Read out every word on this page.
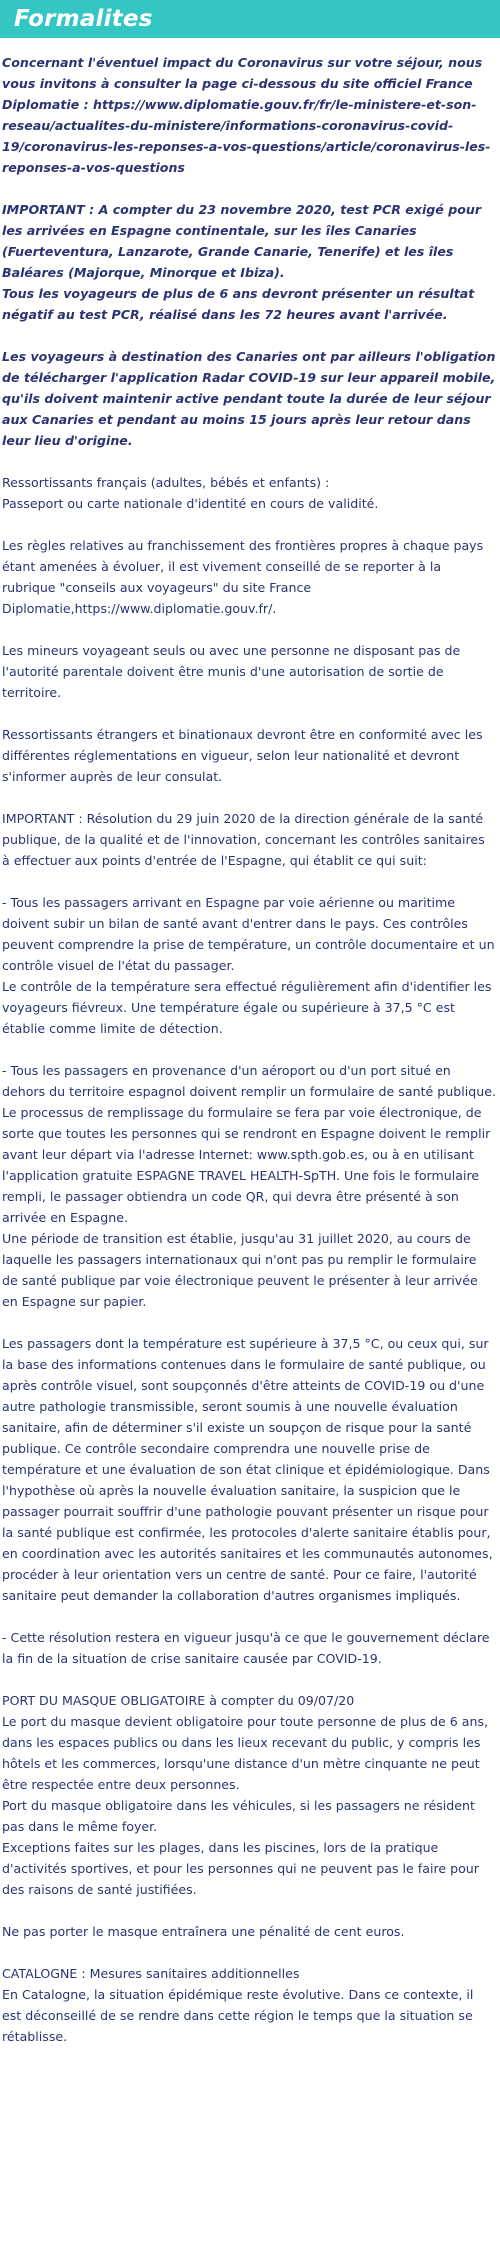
Formalites

Concernant l'éventuel impact du Coronavirus sur votre séjour, nous vous invitons à consulter la page ci-dessous du site officiel France Diplomatie : https://www.diplomatie.gouv.fr/fr/le-ministere-et-son-reseau/actualites-du-ministere/informations-coronavirus-covid-19/coronavirus-les-reponses-a-vos-questions/article/coronavirus-les-reponses-a-vos-questions

IMPORTANT : A compter du 23 novembre 2020, test PCR exigé pour les arrivées en Espagne continentale, sur les îles Canaries (Fuerteventura, Lanzarote, Grande Canarie, Tenerife) et les îles Baléares (Majorque, Minorque et Ibiza).
Tous les voyageurs de plus de 6 ans devront présenter un résultat négatif au test PCR, réalisé dans les 72 heures avant l'arrivée.

Les voyageurs à destination des Canaries ont par ailleurs l'obligation de télécharger l'application Radar COVID-19 sur leur appareil mobile, qu'ils doivent maintenir active pendant toute la durée de leur séjour aux Canaries et pendant au moins 15 jours après leur retour dans leur lieu d'origine.

Ressortissants français (adultes, bébés et enfants) :
Passeport ou carte nationale d'identité en cours de validité.

Les règles relatives au franchissement des frontières propres à chaque pays étant amenées à évoluer, il est vivement conseillé de se reporter à la rubrique "conseils aux voyageurs" du site France Diplomatie,https://www.diplomatie.gouv.fr/.

Les mineurs voyageant seuls ou avec une personne ne disposant pas de l'autorité parentale doivent être munis d'une autorisation de sortie de territoire.

Ressortissants étrangers et binationaux devront être en conformité avec les différentes réglementations en vigueur, selon leur nationalité et devront s'informer auprès de leur consulat.

IMPORTANT : Résolution du 29 juin 2020 de la direction générale de la santé publique, de la qualité et de l'innovation, concernant les contrôles sanitaires à effectuer aux points d'entrée de l'Espagne, qui établit ce qui suit:

- Tous les passagers arrivant en Espagne par voie aérienne ou maritime doivent subir un bilan de santé avant d'entrer dans le pays. Ces contrôles peuvent comprendre la prise de température, un contrôle documentaire et un contrôle visuel de l'état du passager.
Le contrôle de la température sera effectué régulièrement afin d'identifier les voyageurs fiévreux. Une température égale ou supérieure à 37,5 °C est établie comme limite de détection.

- Tous les passagers en provenance d'un aéroport ou d'un port situé en dehors du territoire espagnol doivent remplir un formulaire de santé publique. Le processus de remplissage du formulaire se fera par voie électronique, de sorte que toutes les personnes qui se rendront en Espagne doivent le remplir avant leur départ via l'adresse Internet: www.spth.gob.es, ou à en utilisant l'application gratuite ESPAGNE TRAVEL HEALTH-SpTH. Une fois le formulaire rempli, le passager obtiendra un code QR, qui devra être présenté à son arrivée en Espagne.
Une période de transition est établie, jusqu'au 31 juillet 2020, au cours de laquelle les passagers internationaux qui n'ont pas pu remplir le formulaire de santé publique par voie électronique peuvent le présenter à leur arrivée en Espagne sur papier.

Les passagers dont la température est supérieure à 37,5 °C, ou ceux qui, sur la base des informations contenues dans le formulaire de santé publique, ou après contrôle visuel, sont soupçonnés d'être atteints de COVID-19 ou d'une autre pathologie transmissible, seront soumis à une nouvelle évaluation sanitaire, afin de déterminer s'il existe un soupçon de risque pour la santé publique. Ce contrôle secondaire comprendra une nouvelle prise de température et une évaluation de son état clinique et épidémiologique. Dans l'hypothèse où après la nouvelle évaluation sanitaire, la suspicion que le passager pourrait souffrir d'une pathologie pouvant présenter un risque pour la santé publique est confirmée, les protocoles d'alerte sanitaire établis pour, en coordination avec les autorités sanitaires et les communautés autonomes, procéder à leur orientation vers un centre de santé. Pour ce faire, l'autorité sanitaire peut demander la collaboration d'autres organismes impliqués.

- Cette résolution restera en vigueur jusqu'à ce que le gouvernement déclare la fin de la situation de crise sanitaire causée par COVID-19.

PORT DU MASQUE OBLIGATOIRE à compter du 09/07/20
Le port du masque devient obligatoire pour toute personne de plus de 6 ans, dans les espaces publics ou dans les lieux recevant du public, y compris les hôtels et les commerces, lorsqu'une distance d'un mètre cinquante ne peut être respectée entre deux personnes.
Port du masque obligatoire dans les véhicules, si les passagers ne résident pas dans le même foyer.
Exceptions faites sur les plages, dans les piscines, lors de la pratique d'activités sportives, et pour les personnes qui ne peuvent pas le faire pour des raisons de santé justifiées.

Ne pas porter le masque entraînera une pénalité de cent euros.

CATALOGNE : Mesures sanitaires additionnelles
En Catalogne, la situation épidémique reste évolutive. Dans ce contexte, il est déconseillé de se rendre dans cette région le temps que la situation se rétablisse.
